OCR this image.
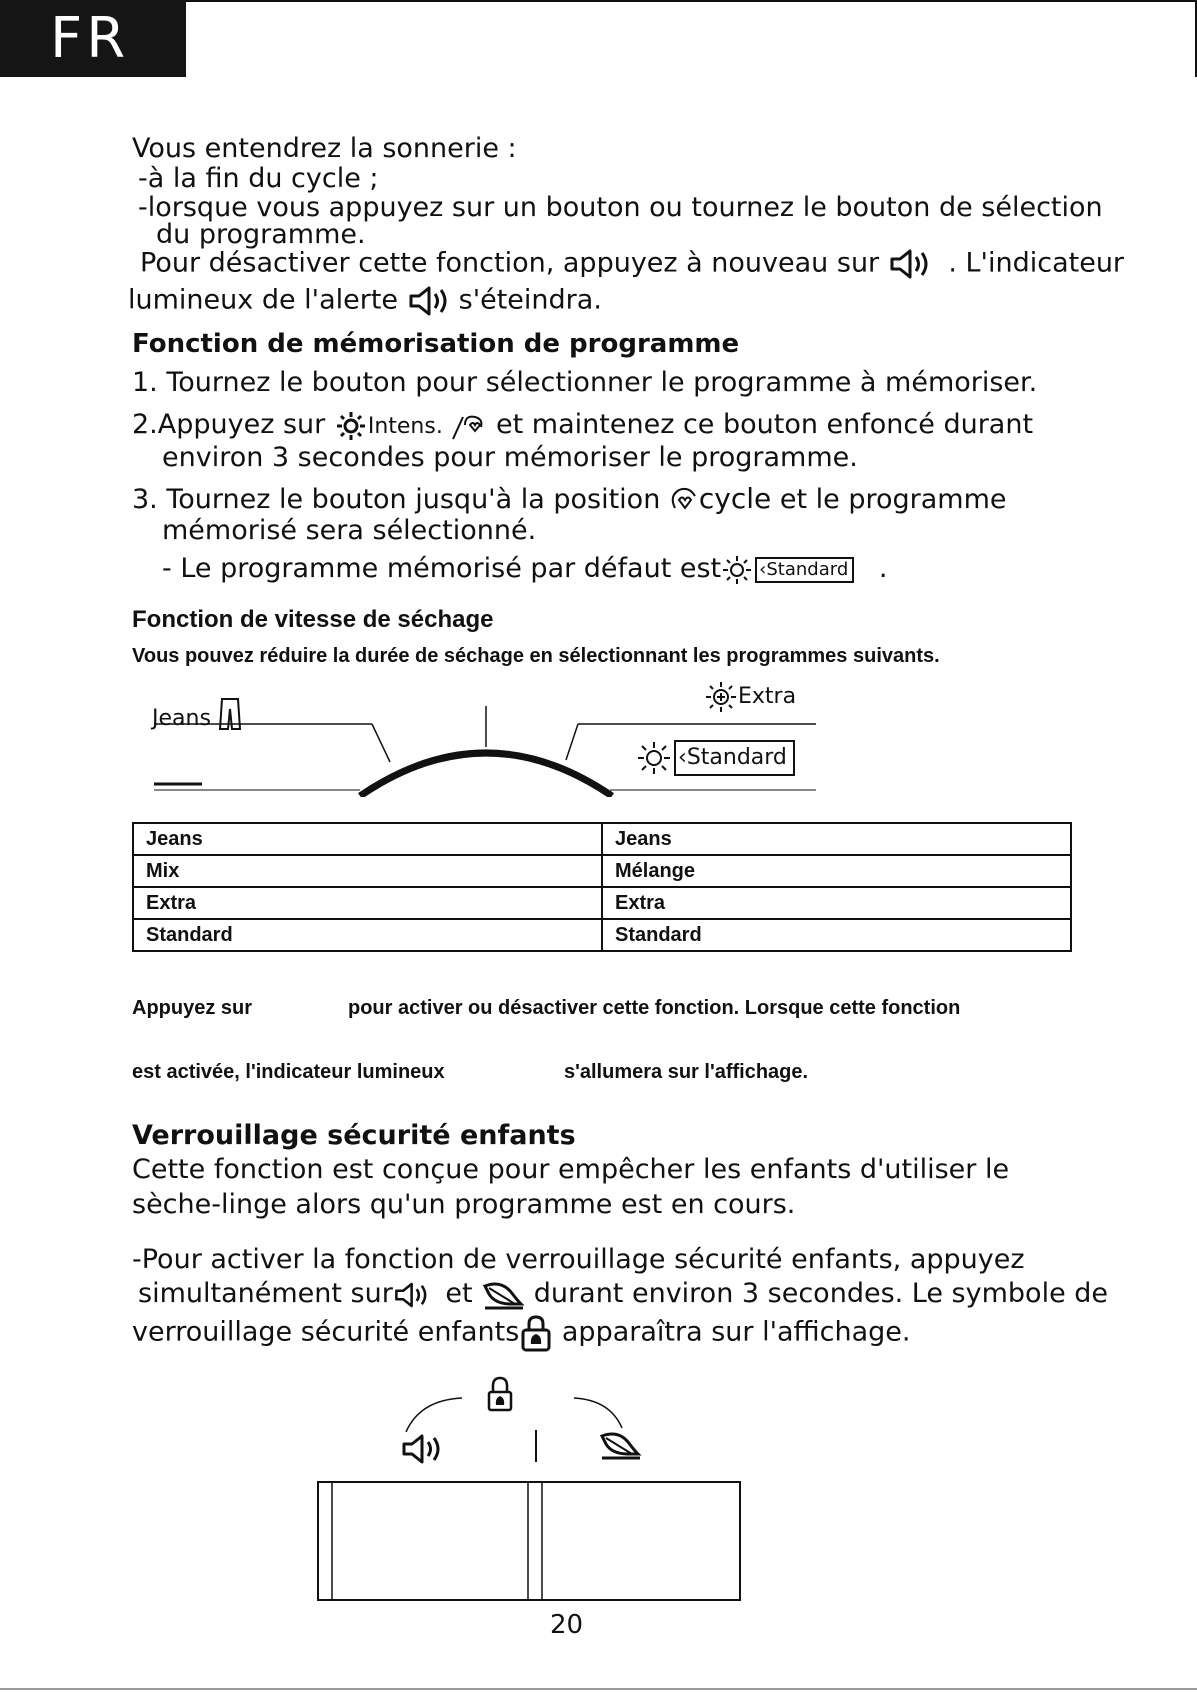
FR
Vous entendrez la sonnerie :
-à la fin du cycle ;
-lorsque vous appuyez sur un bouton ou tournez le bouton de sélection
du programme.
Pour désactiver cette fonction, appuyez à nouveau sur	. L'indicateur
lumineux de l'alerte s'éteindra.
Fonction de mémorisation de programme
1. Tournez le bouton pour sélectionner le programme à mémoriser.
2.Appuyez sur Intens. et maintenez ce bouton enfoncé durant
environ 3 secondes pour mémoriser le programme.
3. Tournez le bouton jusqu'à la position cycle et le programme
mémorisé sera sélectionné.
- Le programme mémorisé par défaut est ‹Standard .
Fonction de vitesse de séchage
Vous pouvez réduire la durée de séchage en sélectionnant les programmes suivants.
Jeans
Extra
‹Standard
Jeans	Jeans
Mix	Mélange
Extra	Extra
Standard	Standard
Appuyez sur	pour activer ou désactiver cette fonction. Lorsque cette fonction
est activée, l'indicateur lumineux	s'allumera sur l'affichage.
Verrouillage sécurité enfants
Cette fonction est conçue pour empêcher les enfants d'utiliser le
sèche-linge alors qu'un programme est en cours.
-Pour activer la fonction de verrouillage sécurité enfants, appuyez
simultanément sur et durant environ 3 secondes. Le symbole de
verrouillage sécurité enfants apparaîtra sur l'affichage.
20
